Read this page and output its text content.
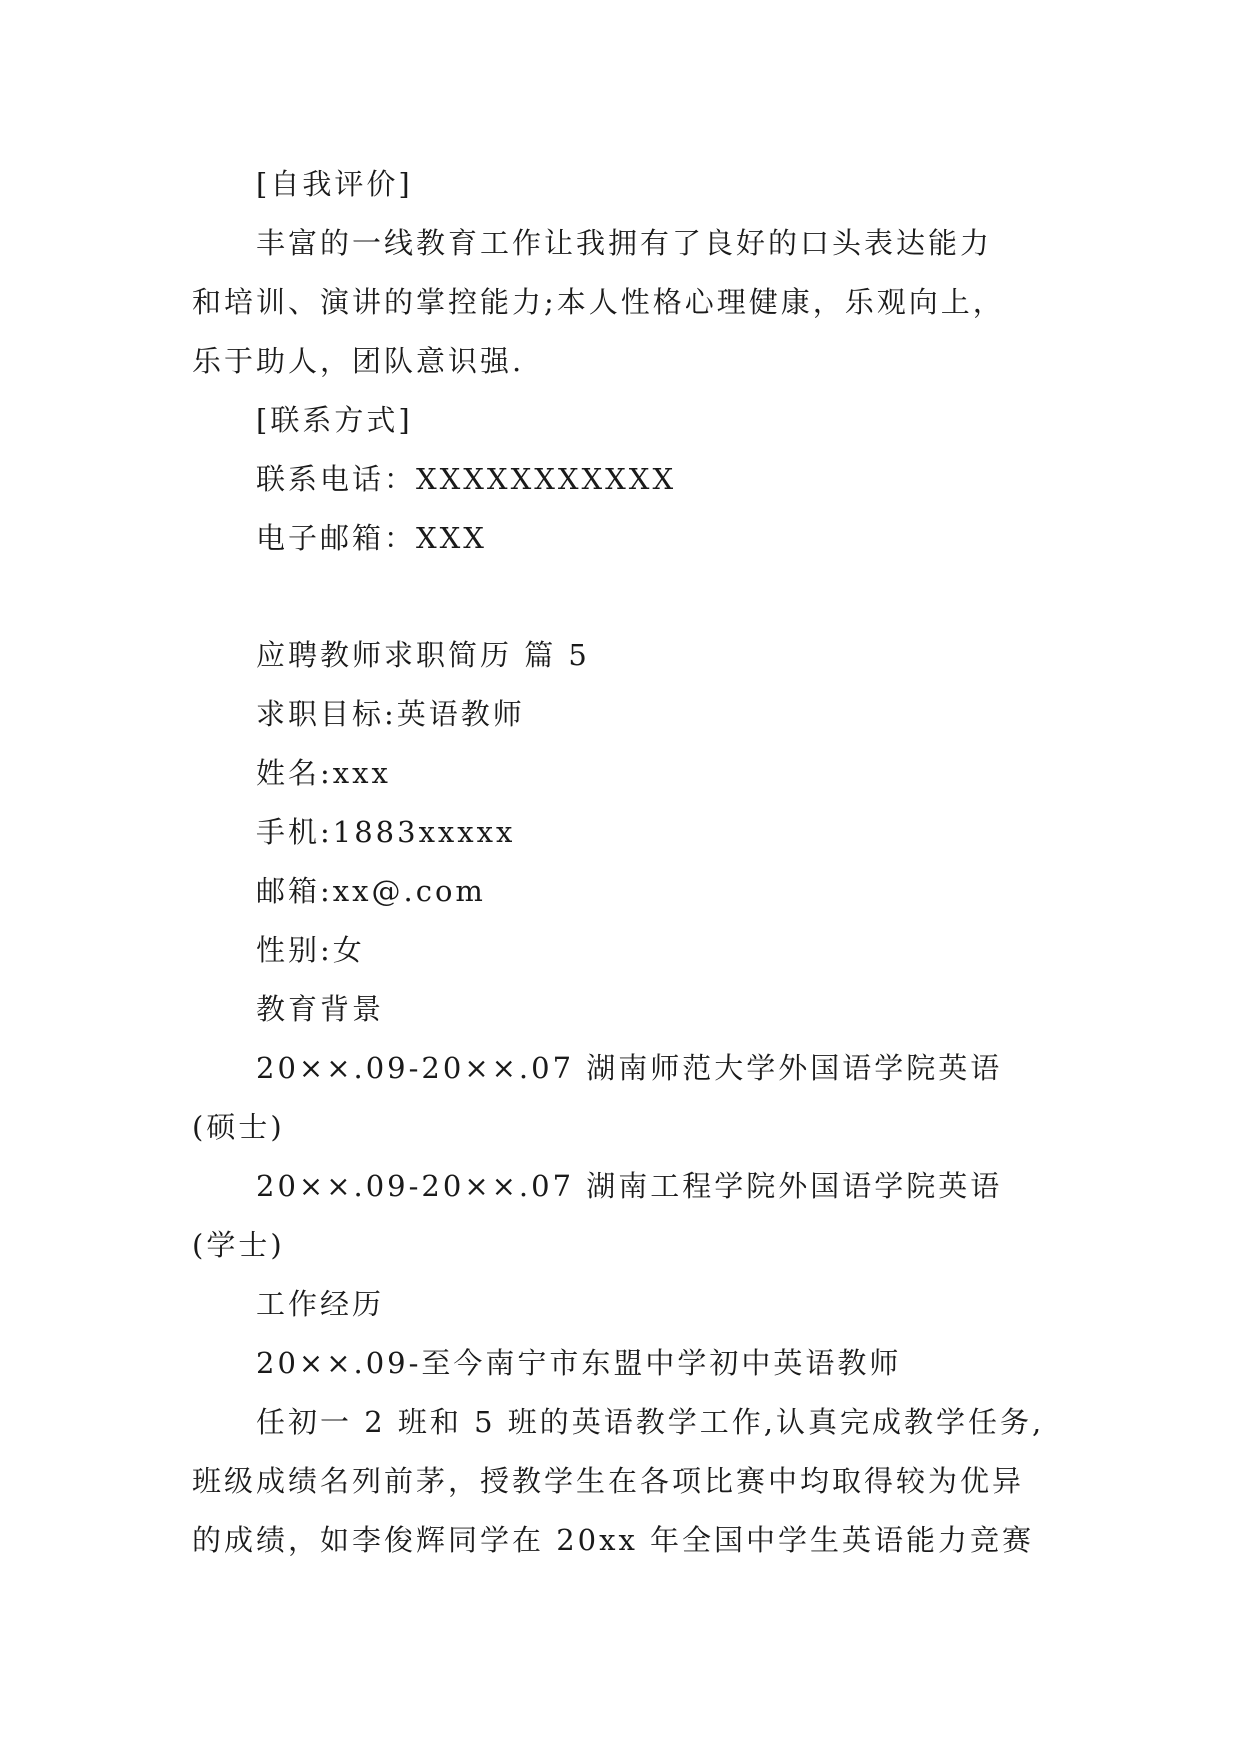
[自我评价]
丰富的一线教育工作让我拥有了良好的口头表达能力
和培训、演讲的掌控能力;本人性格心理健康，乐观向上，
乐于助人，团队意识强.
[联系方式]
联系电话：XXXXXXXXXXX
电子邮箱：XXX
应聘教师求职简历 篇 5
求职目标:英语教师
姓名:xxx
手机:1883xxxxx
邮箱:xx@.com
性别:女
教育背景
20××.09-20××.07 湖南师范大学外国语学院英语
(硕士)
20××.09-20××.07 湖南工程学院外国语学院英语
(学士)
工作经历
20××.09-至今南宁市东盟中学初中英语教师
任初一 2 班和 5 班的英语教学工作,认真完成教学任务,
班级成绩名列前茅，授教学生在各项比赛中均取得较为优异
的成绩，如李俊辉同学在 20xx 年全国中学生英语能力竞赛
